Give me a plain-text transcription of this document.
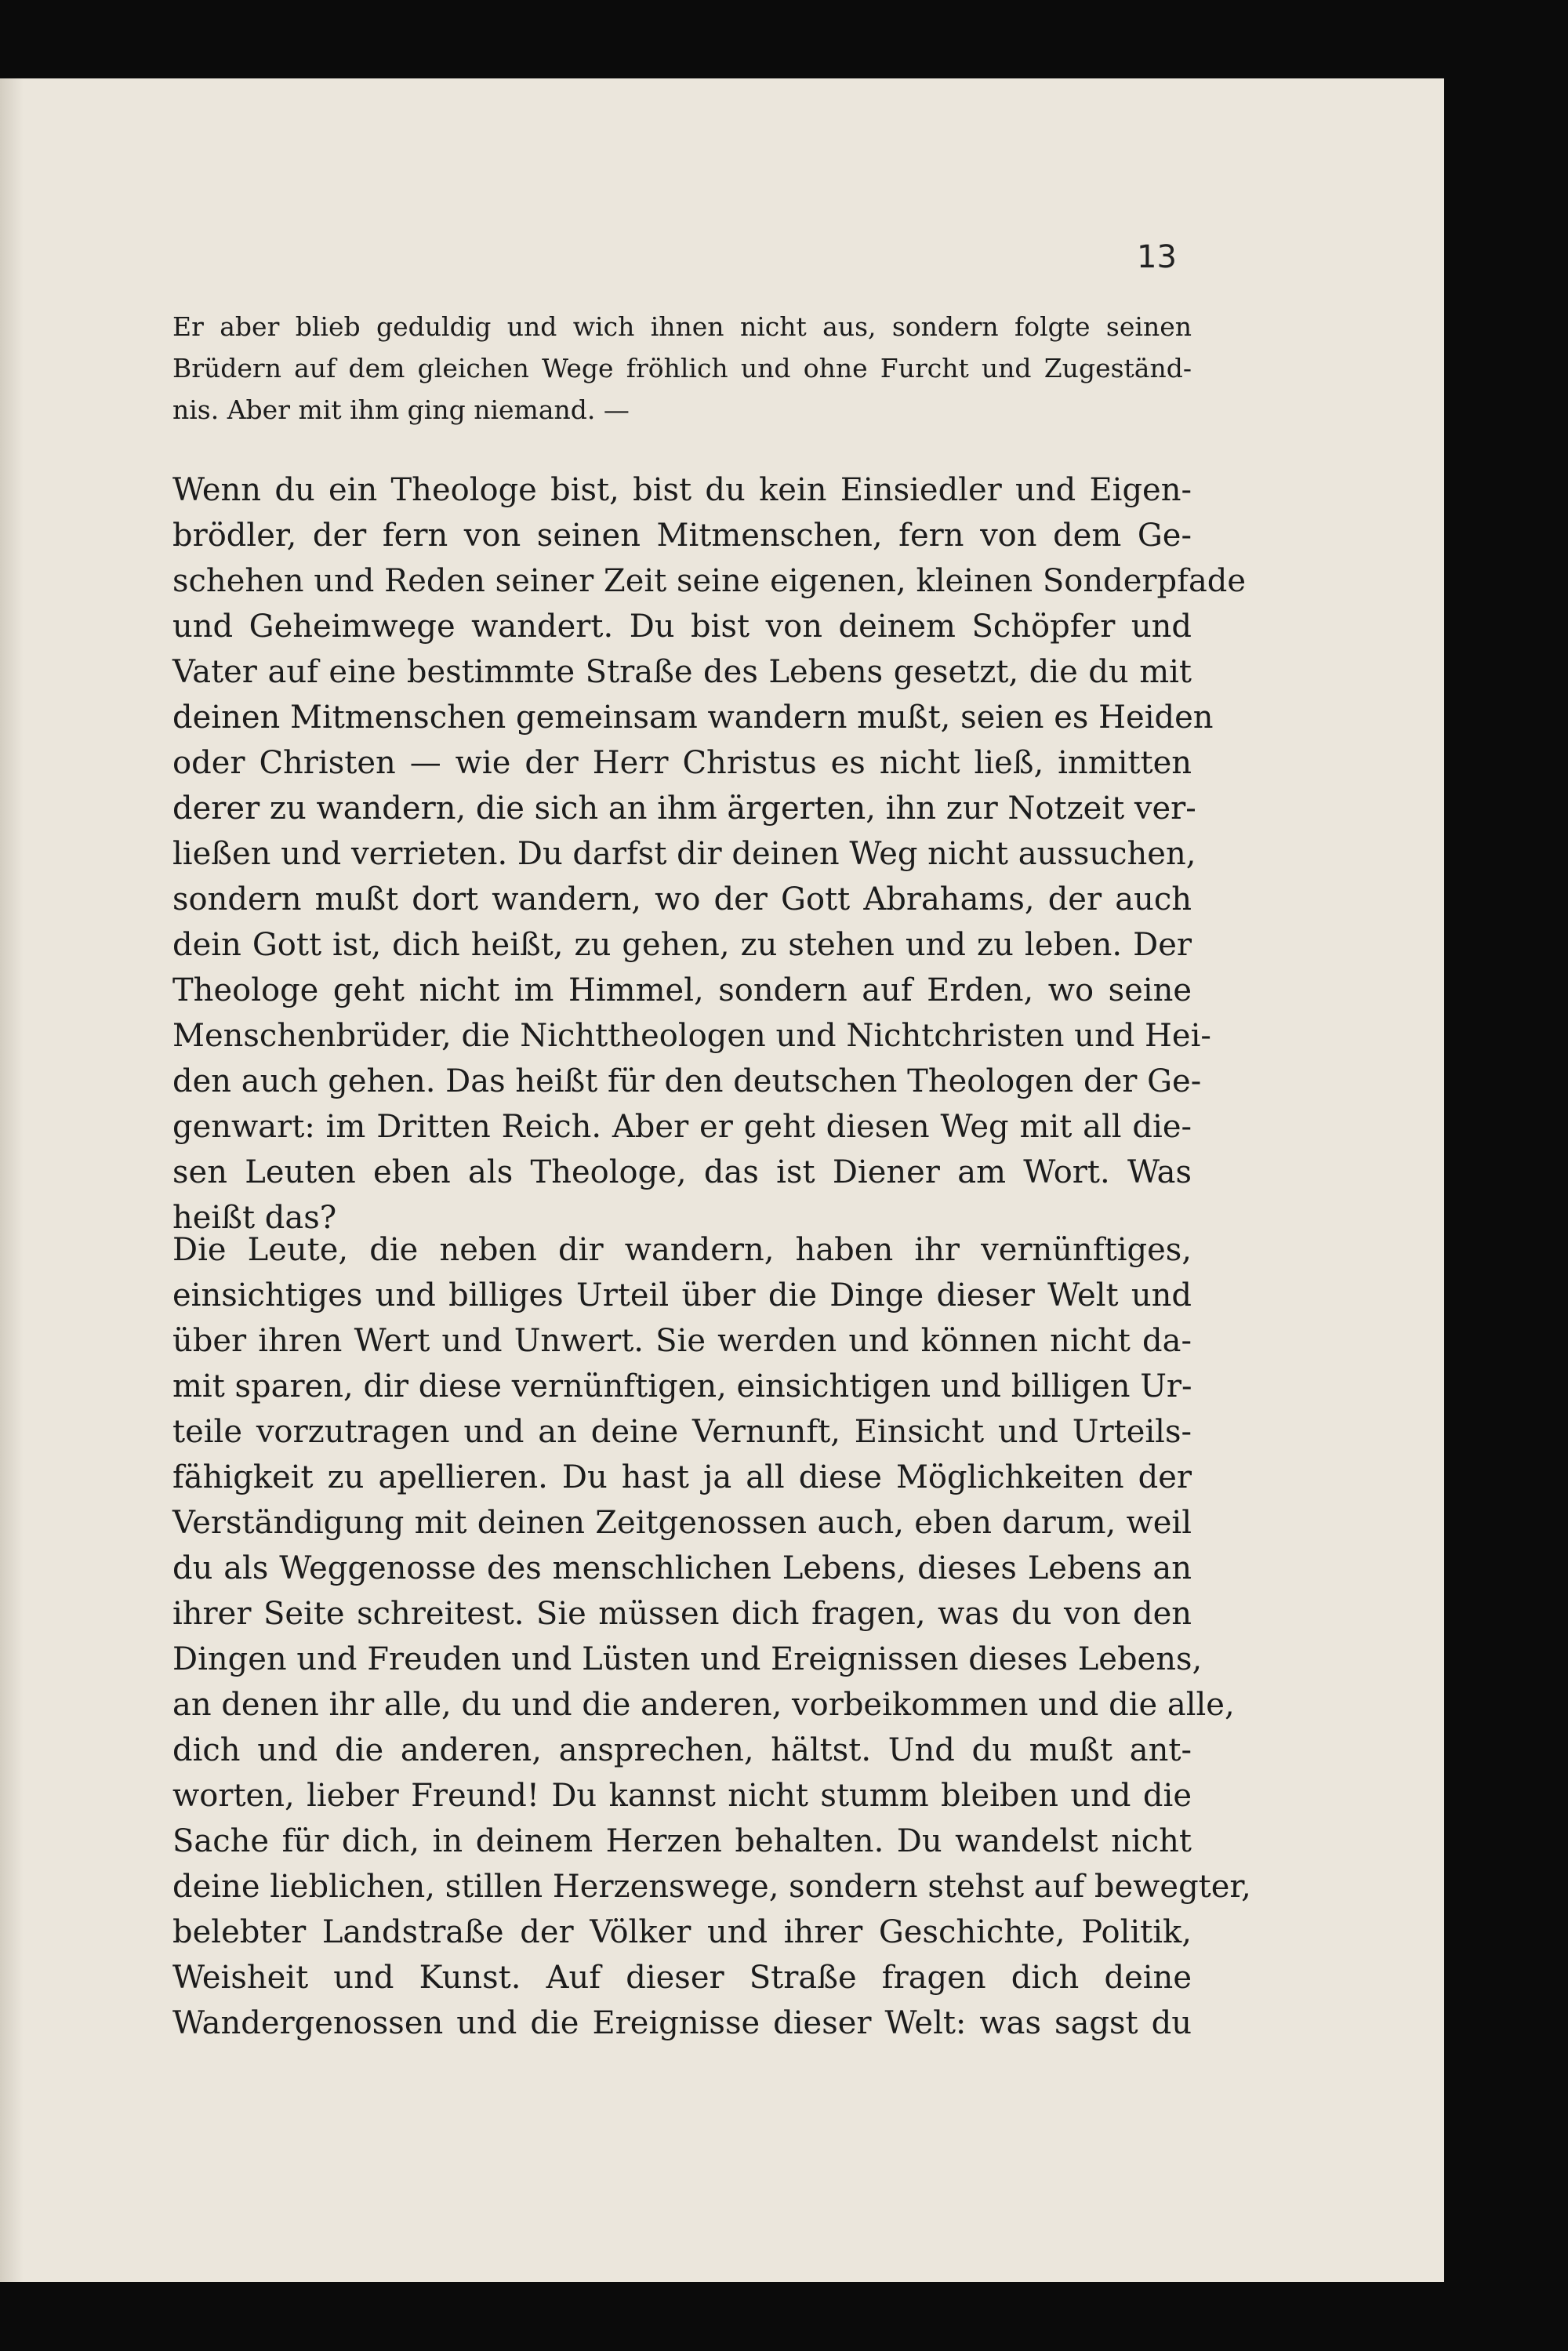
13

Er aber blieb geduldig und wich ihnen nicht aus, sondern folgte seinen

Brüdern auf dem gleichen Wege fröhlich und ohne Furcht und Zugeständ-

nis. Aber mit ihm ging niemand. —

Wenn du ein Theologe bist, bist du kein Einsiedler und Eigen-

brödler, der fern von seinen Mitmenschen, fern von dem Ge-

schehen und Reden seiner Zeit seine eigenen, kleinen Sonderpfade

und Geheimwege wandert. Du bist von deinem Schöpfer und

Vater auf eine bestimmte Straße des Lebens gesetzt, die du mit

deinen Mitmenschen gemeinsam wandern mußt, seien es Heiden

oder Christen — wie der Herr Christus es nicht ließ, inmitten

derer zu wandern, die sich an ihm ärgerten, ihn zur Notzeit ver-

ließen und verrieten. Du darfst dir deinen Weg nicht aussuchen,

sondern mußt dort wandern, wo der Gott Abrahams, der auch

dein Gott ist, dich heißt, zu gehen, zu stehen und zu leben. Der

Theologe geht nicht im Himmel, sondern auf Erden, wo seine

Menschenbrüder, die Nichttheologen und Nichtchristen und Hei-

den auch gehen. Das heißt für den deutschen Theologen der Ge-

genwart: im Dritten Reich. Aber er geht diesen Weg mit all die-

sen Leuten eben als Theologe, das ist Diener am Wort. Was

heißt das?

Die Leute, die neben dir wandern, haben ihr vernünftiges,

einsichtiges und billiges Urteil über die Dinge dieser Welt und

über ihren Wert und Unwert. Sie werden und können nicht da-

mit sparen, dir diese vernünftigen, einsichtigen und billigen Ur-

teile vorzutragen und an deine Vernunft, Einsicht und Urteils-

fähigkeit zu apellieren. Du hast ja all diese Möglichkeiten der

Verständigung mit deinen Zeitgenossen auch, eben darum, weil

du als Weggenosse des menschlichen Lebens, dieses Lebens an

ihrer Seite schreitest. Sie müssen dich fragen, was du von den

Dingen und Freuden und Lüsten und Ereignissen dieses Lebens,

an denen ihr alle, du und die anderen, vorbeikommen und die alle,

dich und die anderen, ansprechen, hältst. Und du mußt ant-

worten, lieber Freund! Du kannst nicht stumm bleiben und die

Sache für dich, in deinem Herzen behalten. Du wandelst nicht

deine lieblichen, stillen Herzenswege, sondern stehst auf bewegter,

belebter Landstraße der Völker und ihrer Geschichte, Politik,

Weisheit und Kunst. Auf dieser Straße fragen dich deine

Wandergenossen und die Ereignisse dieser Welt: was sagst du
